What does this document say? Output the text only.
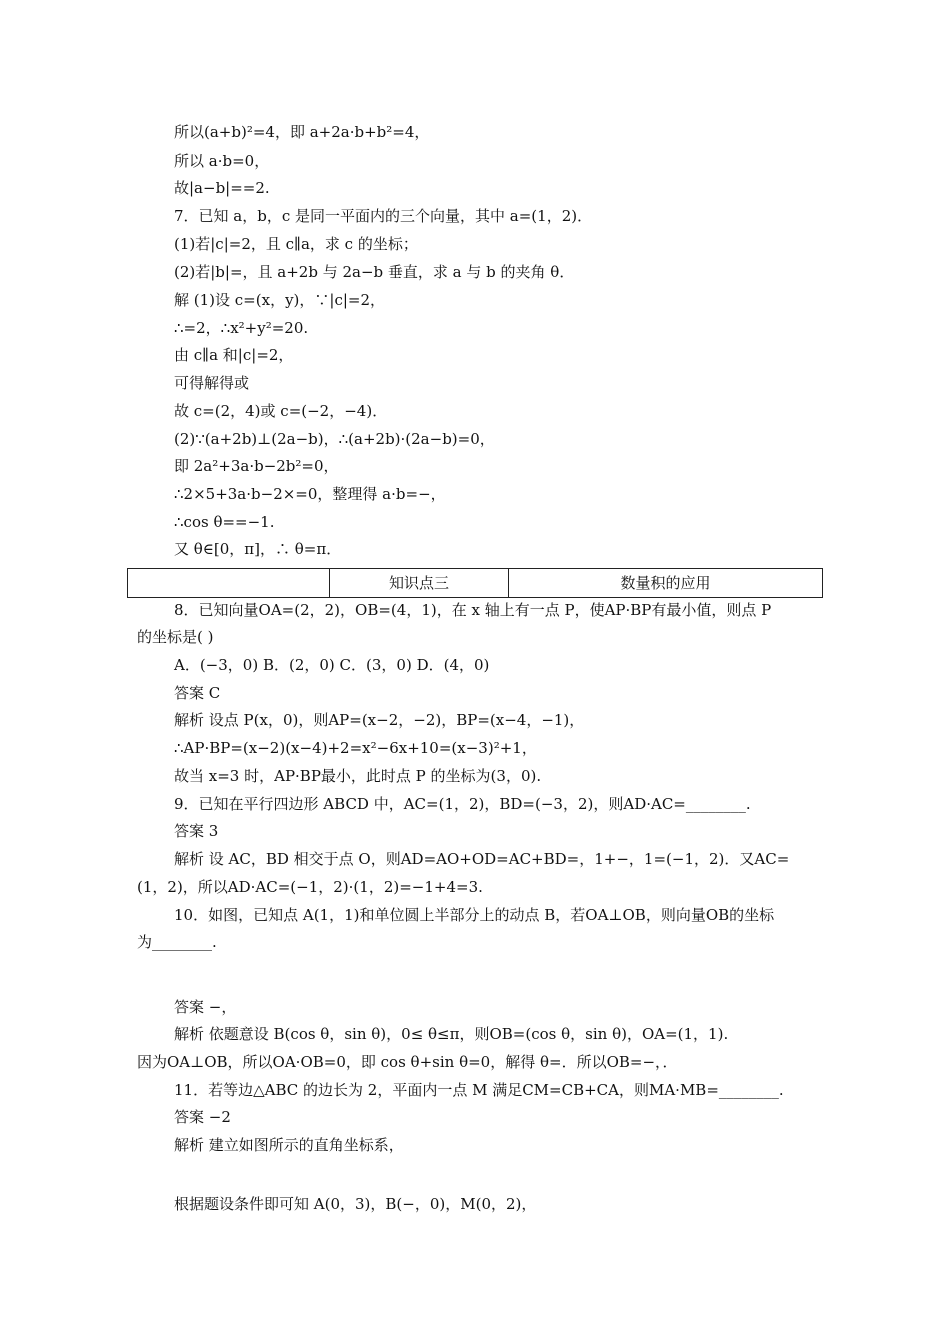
所以(a+b)²=4，即 a+2a·b+b²=4，
所以 a·b=0，
故|a−b|==2.
7．已知 a，b，c 是同一平面内的三个向量，其中 a=(1，2)．
(1)若|c|=2，且 c∥a，求 c 的坐标；
(2)若|b|=，且 a+2b 与 2a−b 垂直，求 a 与 b 的夹角 θ．
解 (1)设 c=(x，y)，∵|c|=2，
∴=2，∴x²+y²=20.
由 c∥a 和|c|=2，
可得解得或
故 c=(2，4)或 c=(−2，−4)．
(2)∵(a+2b)⊥(2a−b)，∴(a+2b)·(2a−b)=0，
即 2a²+3a·b−2b²=0，
∴2×5+3a·b−2×=0，整理得 a·b=−，
∴cos θ==−1.
又 θ∈[0，π]，∴ θ=π．
知识点三	数量积的应用
8．已知向量OA=(2，2)，OB=(4，1)，在 x 轴上有一点 P，使AP·BP有最小值，则点 P
的坐标是( )
A．(−3，0) B．(2，0) C．(3，0) D．(4，0)
答案 C
解析 设点 P(x，0)，则AP=(x−2，−2)，BP=(x−4，−1)，
∴AP·BP=(x−2)(x−4)+2=x²−6x+10=(x−3)²+1，
故当 x=3 时，AP·BP最小，此时点 P 的坐标为(3，0).
9．已知在平行四边形 ABCD 中，AC=(1，2)，BD=(−3，2)，则AD·AC=________.
答案 3
解析 设 AC，BD 相交于点 O，则AD=AO+OD=AC+BD=，1+−，1=(−1，2)．又AC=
(1，2)，所以AD·AC=(−1，2)·(1，2)=−1+4=3.
10．如图，已知点 A(1，1)和单位圆上半部分上的动点 B，若OA⊥OB，则向量OB的坐标
为________.
答案 −，
解析 依题意设 B(cos θ，sin θ)，0≤ θ≤π，则OB=(cos θ，sin θ)，OA=(1，1).
因为OA⊥OB，所以OA·OB=0，即 cos θ+sin θ=0，解得 θ=．所以OB=−，．
11．若等边△ABC 的边长为 2，平面内一点 M 满足CM=CB+CA，则MA·MB=________.
答案 −2
解析 建立如图所示的直角坐标系，
根据题设条件即可知 A(0，3)，B(−，0)，M(0，2)，
